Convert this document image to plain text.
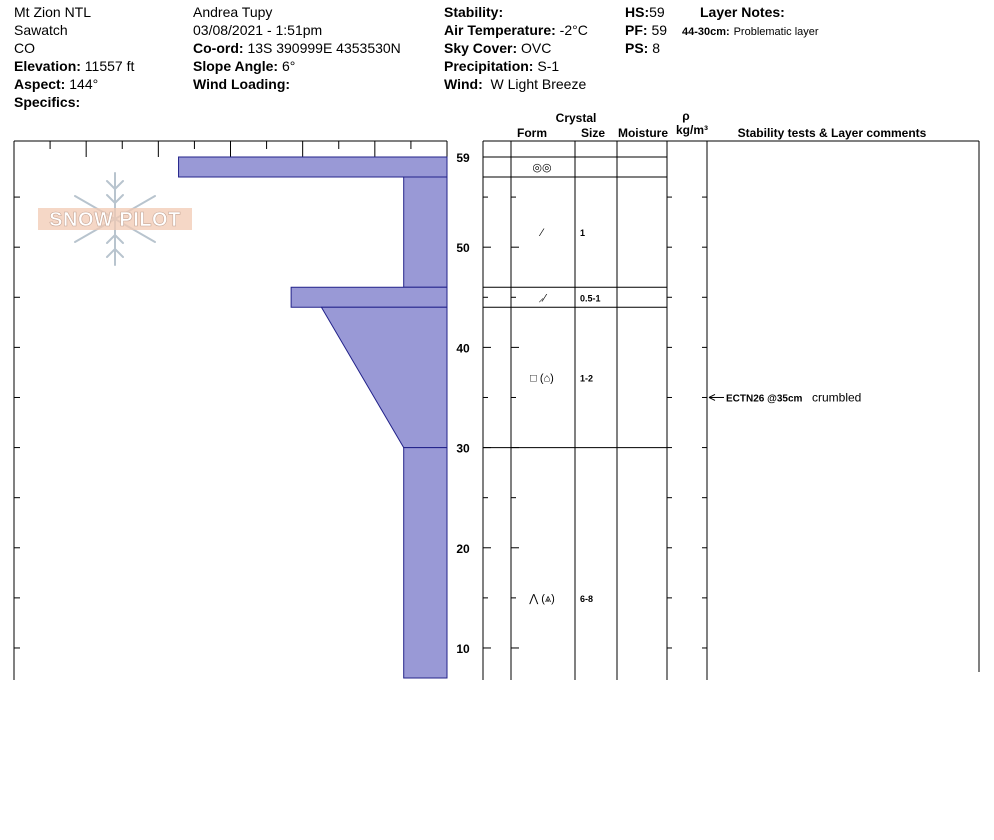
Mt Zion NTL
Sawatch
CO
Elevation: 11557 ft
Aspect: 144°
Specifics:
Andrea Tupy
03/08/2021 - 1:51pm
Co-ord: 13S 390999E 4353530N
Slope Angle: 6°
Wind Loading:
Stability:
Air Temperature: -2°C
Sky Cover: OVC
Precipitation: S-1
Wind: W Light Breeze
HS:59
PF: 59
PS: 8
Layer Notes:
44-30cm: Problematic layer
SNOW PILOT
Crystal
Form	Size Moisture
ρ
kg/m³ Stability tests & Layer comments
59
50
40
30
20
10
◎◎
⁄	1
⸝⁄	0.5-1
□ (⌂)	1-2
⋀ (⩓)	6-8
ECTN26 @35cm crumbled
